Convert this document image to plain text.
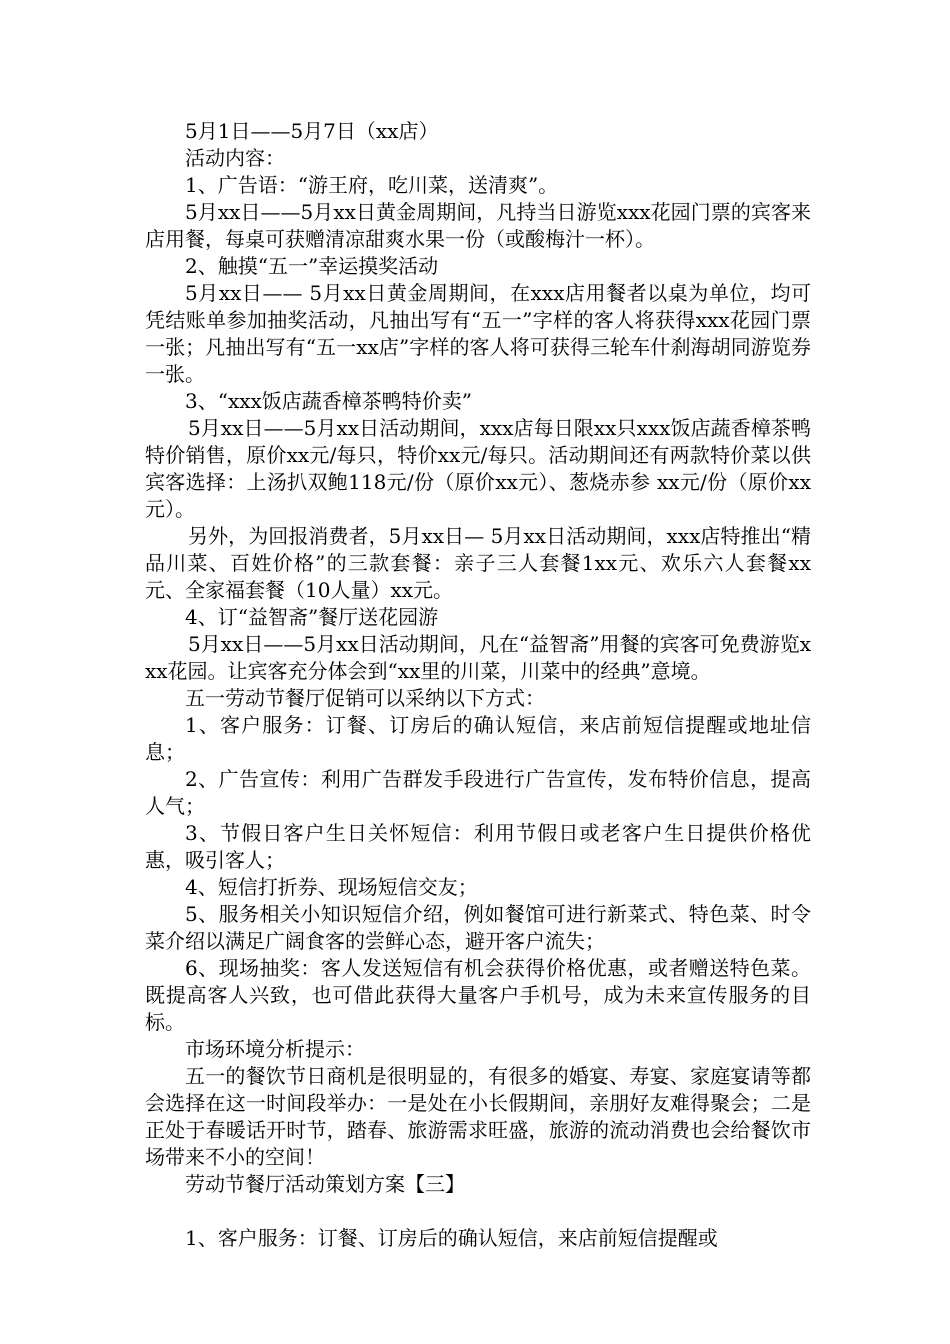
5月1日——5月7日（xx店）

活动内容：

1、广告语：“游王府，吃川菜，送清爽”。

5月xx日——5月xx日黄金周期间，凡持当日游览xxx花园门票的宾客来店用餐，每桌可获赠清凉甜爽水果一份（或酸梅汁一杯）。

2、触摸“五一”幸运摸奖活动

5月xx日—— 5月xx日黄金周期间，在xxx店用餐者以桌为单位，均可凭结账单参加抽奖活动，凡抽出写有“五一”字样的客人将获得xxx花园门票一张；凡抽出写有“五一xx店”字样的客人将可获得三轮车什刹海胡同游览券一张。

3、“xxx饭店蔬香樟茶鸭特价卖”

5月xx日——5月xx日活动期间，xxx店每日限xx只xxx饭店蔬香樟茶鸭特价销售，原价xx元/每只，特价xx元/每只。活动期间还有两款特价菜以供宾客选择：上汤扒双鲍118元/份（原价xx元）、葱烧赤参 xx元/份（原价xx元）。

另外，为回报消费者，5月xx日— 5月xx日活动期间，xxx店特推出“精品川菜、百姓价格”的三款套餐：亲子三人套餐1xx元、欢乐六人套餐xx元、全家福套餐（10人量）xx元。

4、订“益智斋”餐厅送花园游

5月xx日——5月xx日活动期间，凡在“益智斋”用餐的宾客可免费游览xxx花园。让宾客充分体会到“xx里的川菜，川菜中的经典”意境。

五一劳动节餐厅促销可以采纳以下方式：

1、客户服务：订餐、订房后的确认短信，来店前短信提醒或地址信息；

2、广告宣传：利用广告群发手段进行广告宣传，发布特价信息，提高人气；

3、节假日客户生日关怀短信：利用节假日或老客户生日提供价格优惠，吸引客人；

4、短信打折券、现场短信交友；

5、服务相关小知识短信介绍，例如餐馆可进行新菜式、特色菜、时令菜介绍以满足广阔食客的尝鲜心态，避开客户流失；

6、现场抽奖：客人发送短信有机会获得价格优惠，或者赠送特色菜。既提高客人兴致，也可借此获得大量客户手机号，成为未来宣传服务的目标。

市场环境分析提示：

五一的餐饮节日商机是很明显的，有很多的婚宴、寿宴、家庭宴请等都会选择在这一时间段举办：一是处在小长假期间，亲朋好友难得聚会；二是正处于春暖话开时节，踏春、旅游需求旺盛，旅游的流动消费也会给餐饮市场带来不小的空间！

劳动节餐厅活动策划方案【三】

1、客户服务：订餐、订房后的确认短信，来店前短信提醒或
